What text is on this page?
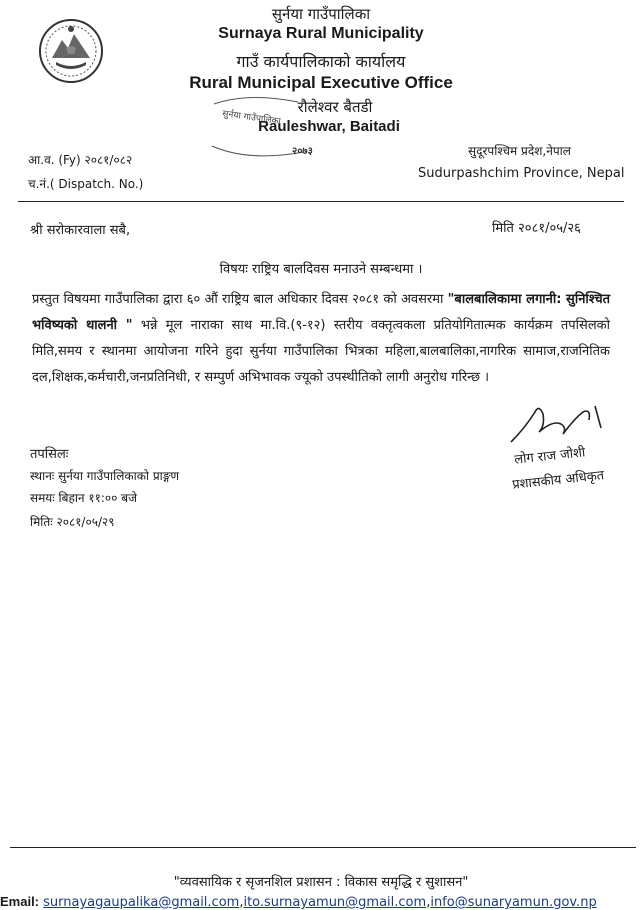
सुर्नया गाउँपालिका
Surnaya Rural Municipality
गाउँ कार्यपालिकाको कार्यालय
Rural Municipal Executive Office
रौलेश्वर बैतडी
Rauleshwar, Baitadi
सुर्नया गाउँपालिका
२०७३
आ.व. (Fy) २०८१/०८२
च.नं.( Dispatch. No.)
सुदूरपश्चिम प्रदेश,नेपाल
Sudurpashchim Province, Nepal
श्री सरोकारवाला सबै,	मिति २०८१/०५/२६
विषयः राष्ट्रिय बालदिवस मनाउने सम्बन्धमा ।
प्रस्तुत विषयमा गाउँपालिका द्वारा ६० औं राष्ट्रिय बाल अधिकार दिवस २०८१ को अवसरमा "बालबालिकामा लगानी: सुनिश्चित भविष्यको थालनी " भन्ने मूल नाराका साथ मा.वि.(९-१२) स्तरीय वक्तृत्वकला प्रतियोगितात्मक कार्यक्रम तपसिलको मिति,समय र स्थानमा आयोजना गरिने हुदा सुर्नया गाउँपालिका भित्रका महिला,बालबालिका,नागरिक सामाज,राजनितिक दल,शिक्षक,कर्मचारी,जनप्रतिनिधी, र सम्पुर्ण अभिभावक ज्यूको उपस्थीतिको लागी अनुरोध गरिन्छ ।
लोग राज जोशी
प्रशासकीय अधिकृत
तपसिलः
स्थानः सुर्नया गाउँपालिकाको प्राङ्गण
समयः बिहान ११:०० बजे
मितिः २०८१/०५/२९
"व्यवसायिक र सृजनशिल प्रशासन : विकास समृद्धि र सुशासन"
Email: surnayagaupalika@gmail.com,ito.surnayamun@gmail.com,info@sunaryamun.gov.np
